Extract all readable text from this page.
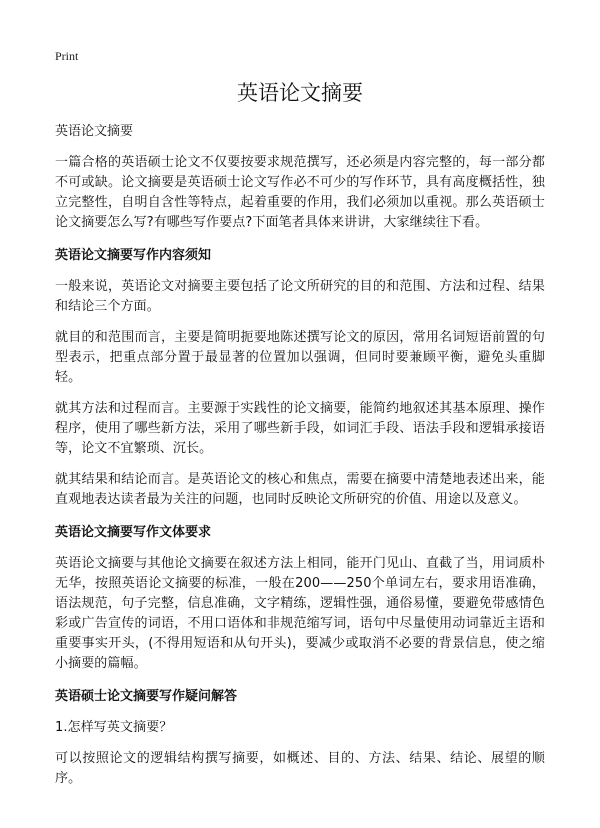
Print
英语论文摘要
英语论文摘要

一篇合格的英语硕士论文不仅要按要求规范撰写，还必须是内容完整的，每一部分都不可或缺。论文摘要是英语硕士论文写作必不可少的写作环节，具有高度概括性，独立完整性，自明自含性等特点，起着重要的作用，我们必须加以重视。那么英语硕士论文摘要怎么写?有哪些写作要点?下面笔者具体来讲讲，大家继续往下看。

英语论文摘要写作内容须知

一般来说，英语论文对摘要主要包括了论文所研究的目的和范围、方法和过程、结果和结论三个方面。

就目的和范围而言，主要是简明扼要地陈述撰写论文的原因，常用名词短语前置的句型表示，把重点部分置于最显著的位置加以强调，但同时要兼顾平衡，避免头重脚轻。

就其方法和过程而言。主要源于实践性的论文摘要，能简约地叙述其基本原理、操作程序，使用了哪些新方法，采用了哪些新手段，如词汇手段、语法手段和逻辑承接语等，论文不宜繁琐、沉长。

就其结果和结论而言。是英语论文的核心和焦点，需要在摘要中清楚地表述出来，能直观地表达读者最为关注的问题，也同时反映论文所研究的价值、用途以及意义。

英语论文摘要写作文体要求

英语论文摘要与其他论文摘要在叙述方法上相同，能开门见山、直截了当，用词质朴无华，按照英语论文摘要的标准，一般在200——250个单词左右，要求用语准确，语法规范，句子完整，信息准确，文字精练，逻辑性强，通俗易懂，要避免带感情色彩或广告宣传的词语，不用口语体和非规范缩写词，语句中尽量使用动词靠近主语和重要事实开头，(不得用短语和从句开头)，要减少或取消不必要的背景信息，使之缩小摘要的篇幅。

英语硕士论文摘要写作疑问解答

1.怎样写英文摘要？

可以按照论文的逻辑结构撰写摘要，如概述、目的、方法、结果、结论、展望的顺序。
